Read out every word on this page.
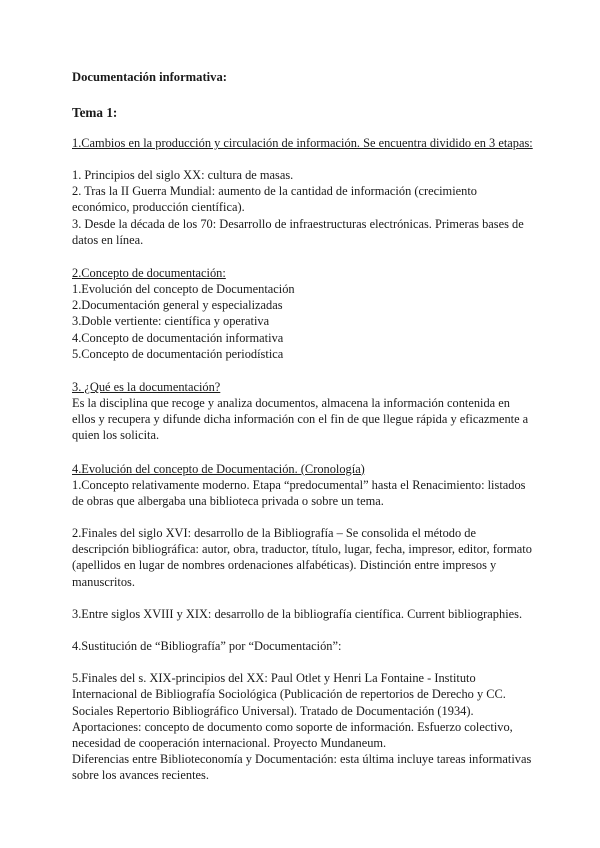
Documentación informativa:

Tema 1:

1.Cambios en la producción y circulación de información. Se encuentra dividido en 3 etapas:
1. Principios del siglo XX: cultura de masas.
2. Tras la II Guerra Mundial: aumento de la cantidad de información (crecimiento económico, producción científica).
3. Desde la década de los 70: Desarrollo de infraestructuras electrónicas. Primeras bases de datos en línea.
2.Concepto de documentación:
1.Evolución del concepto de Documentación
2.Documentación general y especializadas
3.Doble vertiente: científica y operativa
4.Concepto de documentación informativa
5.Concepto de documentación periodística
3. ¿Qué es la documentación?
Es la disciplina que recoge y analiza documentos, almacena la información contenida en ellos y recupera y difunde dicha información con el fin de que llegue rápida y eficazmente a quien los solicita.
4.Evolución del concepto de Documentación. (Cronología)
1.Concepto relativamente moderno. Etapa “predocumental” hasta el Renacimiento: listados de obras que albergaba una biblioteca privada o sobre un tema.
2.Finales del siglo XVI: desarrollo de la Bibliografía – Se consolida el método de descripción bibliográfica: autor, obra, traductor, título, lugar, fecha, impresor, editor, formato (apellidos en lugar de nombres ordenaciones alfabéticas). Distinción entre impresos y manuscritos.
3.Entre siglos XVIII y XIX: desarrollo de la bibliografía científica. Current bibliographies.
4.Sustitución de “Bibliografía” por “Documentación”:
5.Finales del s. XIX-principios del XX: Paul Otlet y Henri La Fontaine - Instituto
Internacional de Bibliografía Sociológica (Publicación de repertorios de Derecho y CC.
Sociales Repertorio Bibliográfico Universal). Tratado de Documentación (1934).
Aportaciones: concepto de documento como soporte de información. Esfuerzo colectivo,
necesidad de cooperación internacional. Proyecto Mundaneum.
Diferencias entre Biblioteconomía y Documentación: esta última incluye tareas informativas
sobre los avances recientes.
